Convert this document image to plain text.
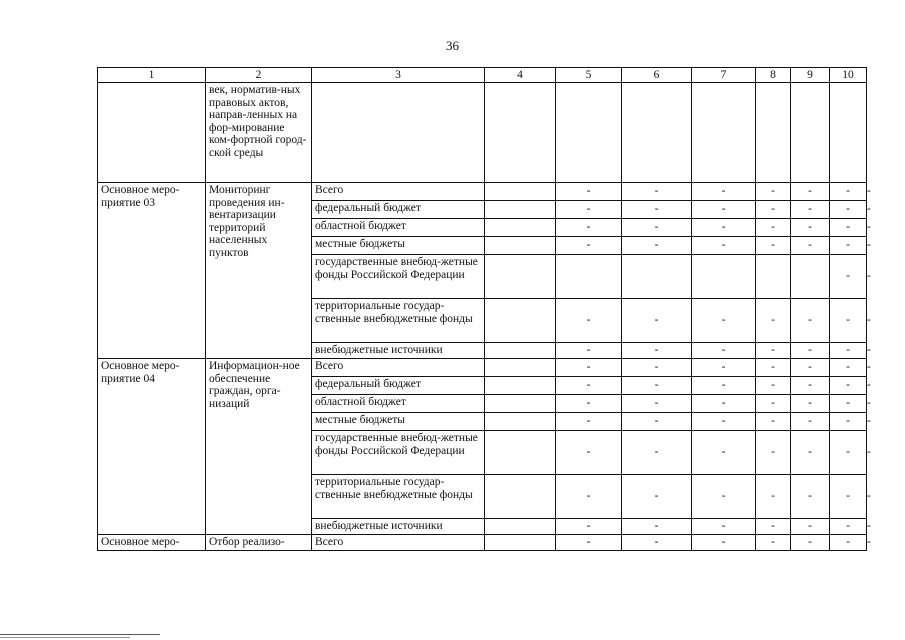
36
1	2	3	4	5	6	7	8	9	10	
	век, норматив-ных правовых актов, направ-ленных на фор-мирование ком-фортной город-ской среды									
Основное меро-приятие 03	Мониторинг проведения ин-вентаризации территорий населенных пунктов	Всего		-	-	-	-	-	-	-
		федеральный бюджет		-	-	-	-	-	-	-
		областной бюджет		-	-	-	-	-	-	-
		местные бюджеты		-	-	-	-	-	-	-
		государственные внебюд-жетные фонды Российской Федерации							-	-
		территориальные государ-ственные внебюджетные фонды		-	-	-	-	-	-	-
		внебюджетные источники		-	-	-	-	-	-	-
Основное меро-приятие 04	Информацион-ное обеспечение граждан, орга-низаций	Всего		-	-	-	-	-	-	-
		федеральный бюджет		-	-	-	-	-	-	-
		областной бюджет		-	-	-	-	-	-	-
		местные бюджеты		-	-	-	-	-	-	-
		государственные внебюд-жетные фонды Российской Федерации		-	-	-	-	-	-	-
		территориальные государ-ственные внебюджетные фонды		-	-	-	-	-	-	-
		внебюджетные источники		-	-	-	-	-	-	-
Основное меро-	Отбор реализо-	Всего		-	-	-	-	-	-	-
